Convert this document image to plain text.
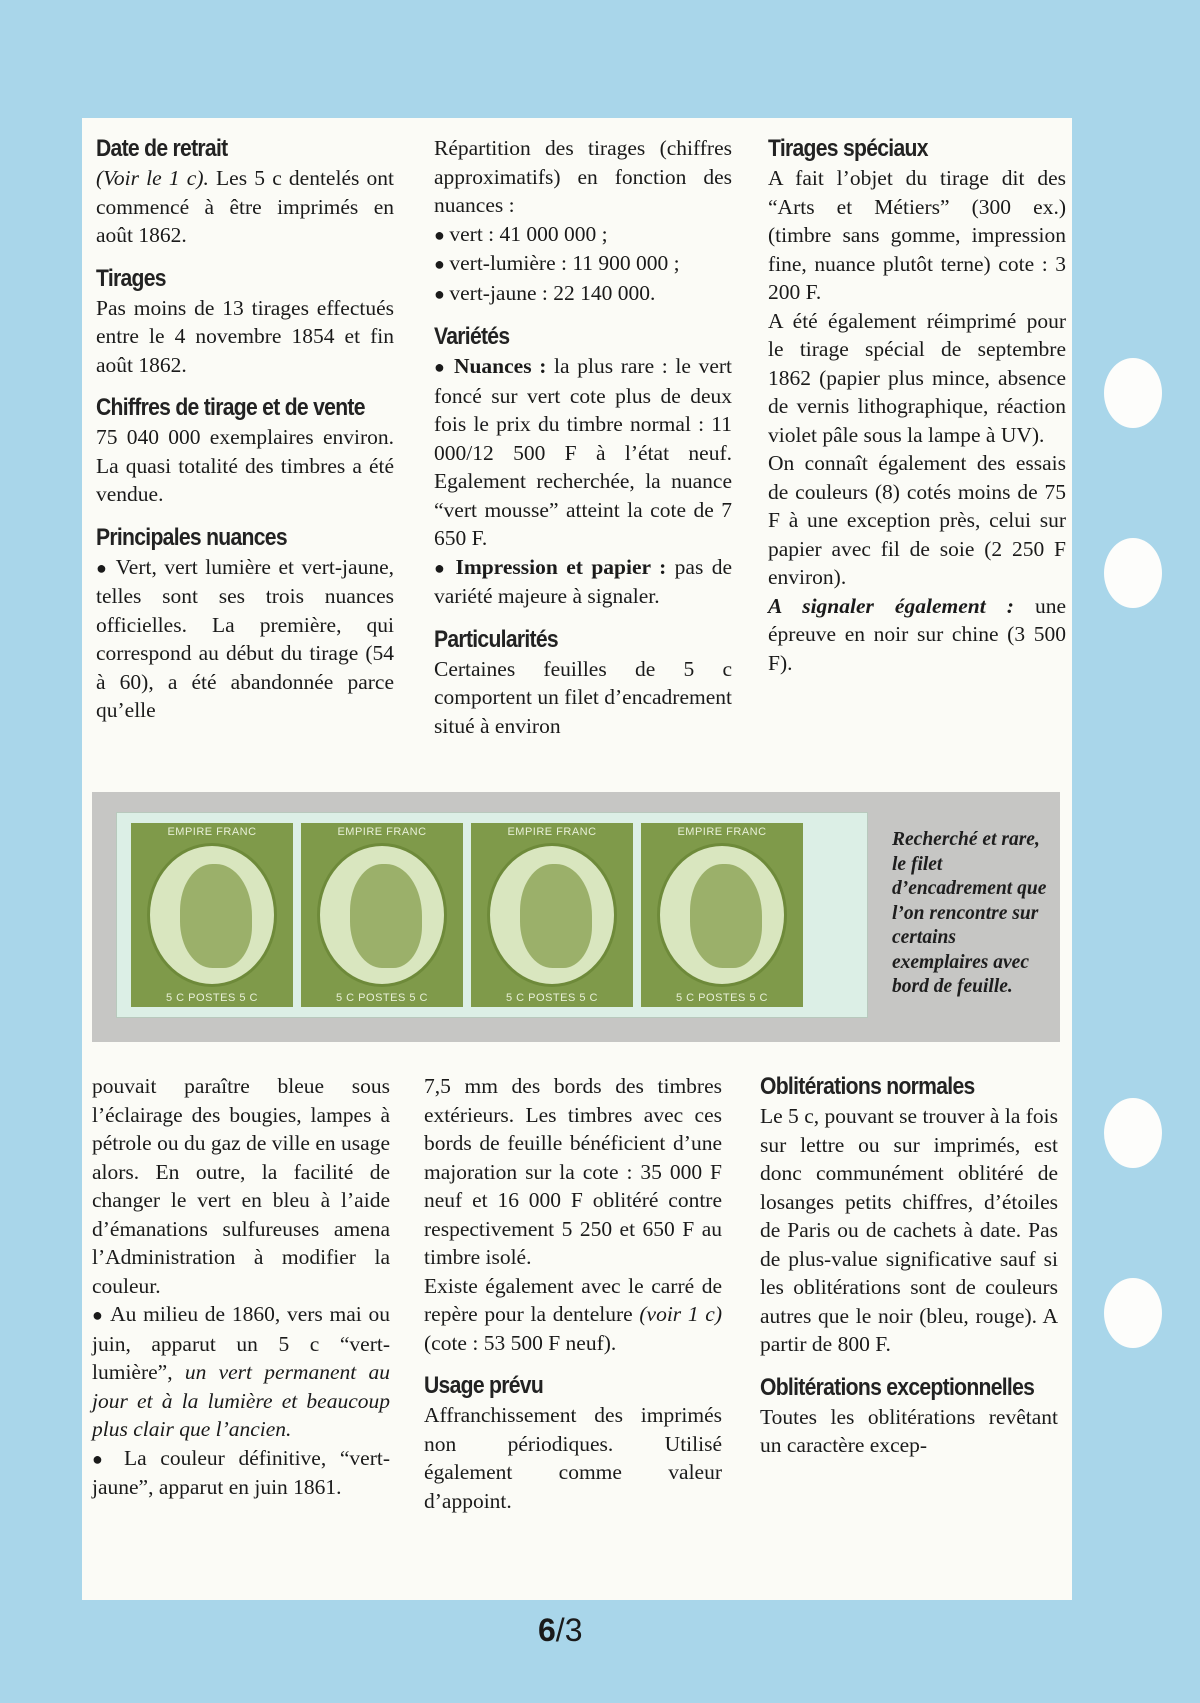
Date de retrait

(Voir le 1 c). Les 5 c dentelés ont commencé à être imprimés en août 1862.

Tirages

Pas moins de 13 tirages effectués entre le 4 novembre 1854 et fin août 1862.

Chiffres de tirage et de vente

75 040 000 exemplaires environ. La quasi totalité des timbres a été vendue.

Principales nuances

● Vert, vert lumière et vert-jaune, telles sont ses trois nuances officielles. La première, qui correspond au début du tirage (54 à 60), a été abandonnée parce qu’elle

Répartition des tirages (chiffres approximatifs) en fonction des nuances :

● vert : 41 000 000 ;

● vert-lumière : 11 900 000 ;

● vert-jaune : 22 140 000.

Variétés

● Nuances : la plus rare : le vert foncé sur vert cote plus de deux fois le prix du timbre normal : 11 000/12 500 F à l’état neuf. Egalement recherchée, la nuance “vert mousse” atteint la cote de 7 650 F.

● Impression et papier : pas de variété majeure à signaler.

Particularités

Certaines feuilles de 5 c comportent un filet d’encadrement situé à environ

Tirages spéciaux

A fait l’objet du tirage dit des “Arts et Métiers” (300 ex.) (timbre sans gomme, impression fine, nuance plutôt terne) cote : 3 200 F.

A été également réimprimé pour le tirage spécial de septembre 1862 (papier plus mince, absence de vernis lithographique, réaction violet pâle sous la lampe à UV).

On connaît également des essais de couleurs (8) cotés moins de 75 F à une exception près, celui sur papier avec fil de soie (2 250 F environ).

A signaler également : une épreuve en noir sur chine (3 500 F).

EMPIRE FRANC
5 C POSTES 5 C
EMPIRE FRANC
5 C POSTES 5 C
EMPIRE FRANC
5 C POSTES 5 C
EMPIRE FRANC
5 C POSTES 5 C
Recherché et rare, le filet d’encadrement que l’on rencontre sur certains exemplaires avec bord de feuille.

pouvait paraître bleue sous l’éclairage des bougies, lampes à pétrole ou du gaz de ville en usage alors. En outre, la facilité de changer le vert en bleu à l’aide d’émanations sulfureuses amena l’Administration à modifier la couleur.

● Au milieu de 1860, vers mai ou juin, apparut un 5 c “vert-lumière”, un vert permanent au jour et à la lumière et beaucoup plus clair que l’ancien.

● La couleur définitive, “vert-jaune”, apparut en juin 1861.

7,5 mm des bords des timbres extérieurs. Les timbres avec ces bords de feuille bénéficient d’une majoration sur la cote : 35 000 F neuf et 16 000 F oblitéré contre respectivement 5 250 et 650 F au timbre isolé.

Existe également avec le carré de repère pour la dentelure (voir 1 c) (cote : 53 500 F neuf).

Usage prévu

Affranchissement des imprimés non périodiques. Utilisé également comme valeur d’appoint.

Oblitérations normales

Le 5 c, pouvant se trouver à la fois sur lettre ou sur imprimés, est donc communément oblitéré de losanges petits chiffres, d’étoiles de Paris ou de cachets à date. Pas de plus-value significative sauf si les oblitérations sont de couleurs autres que le noir (bleu, rouge). A partir de 800 F.

Oblitérations exceptionnelles

Toutes les oblitérations revêtant un caractère excep-

6/3
